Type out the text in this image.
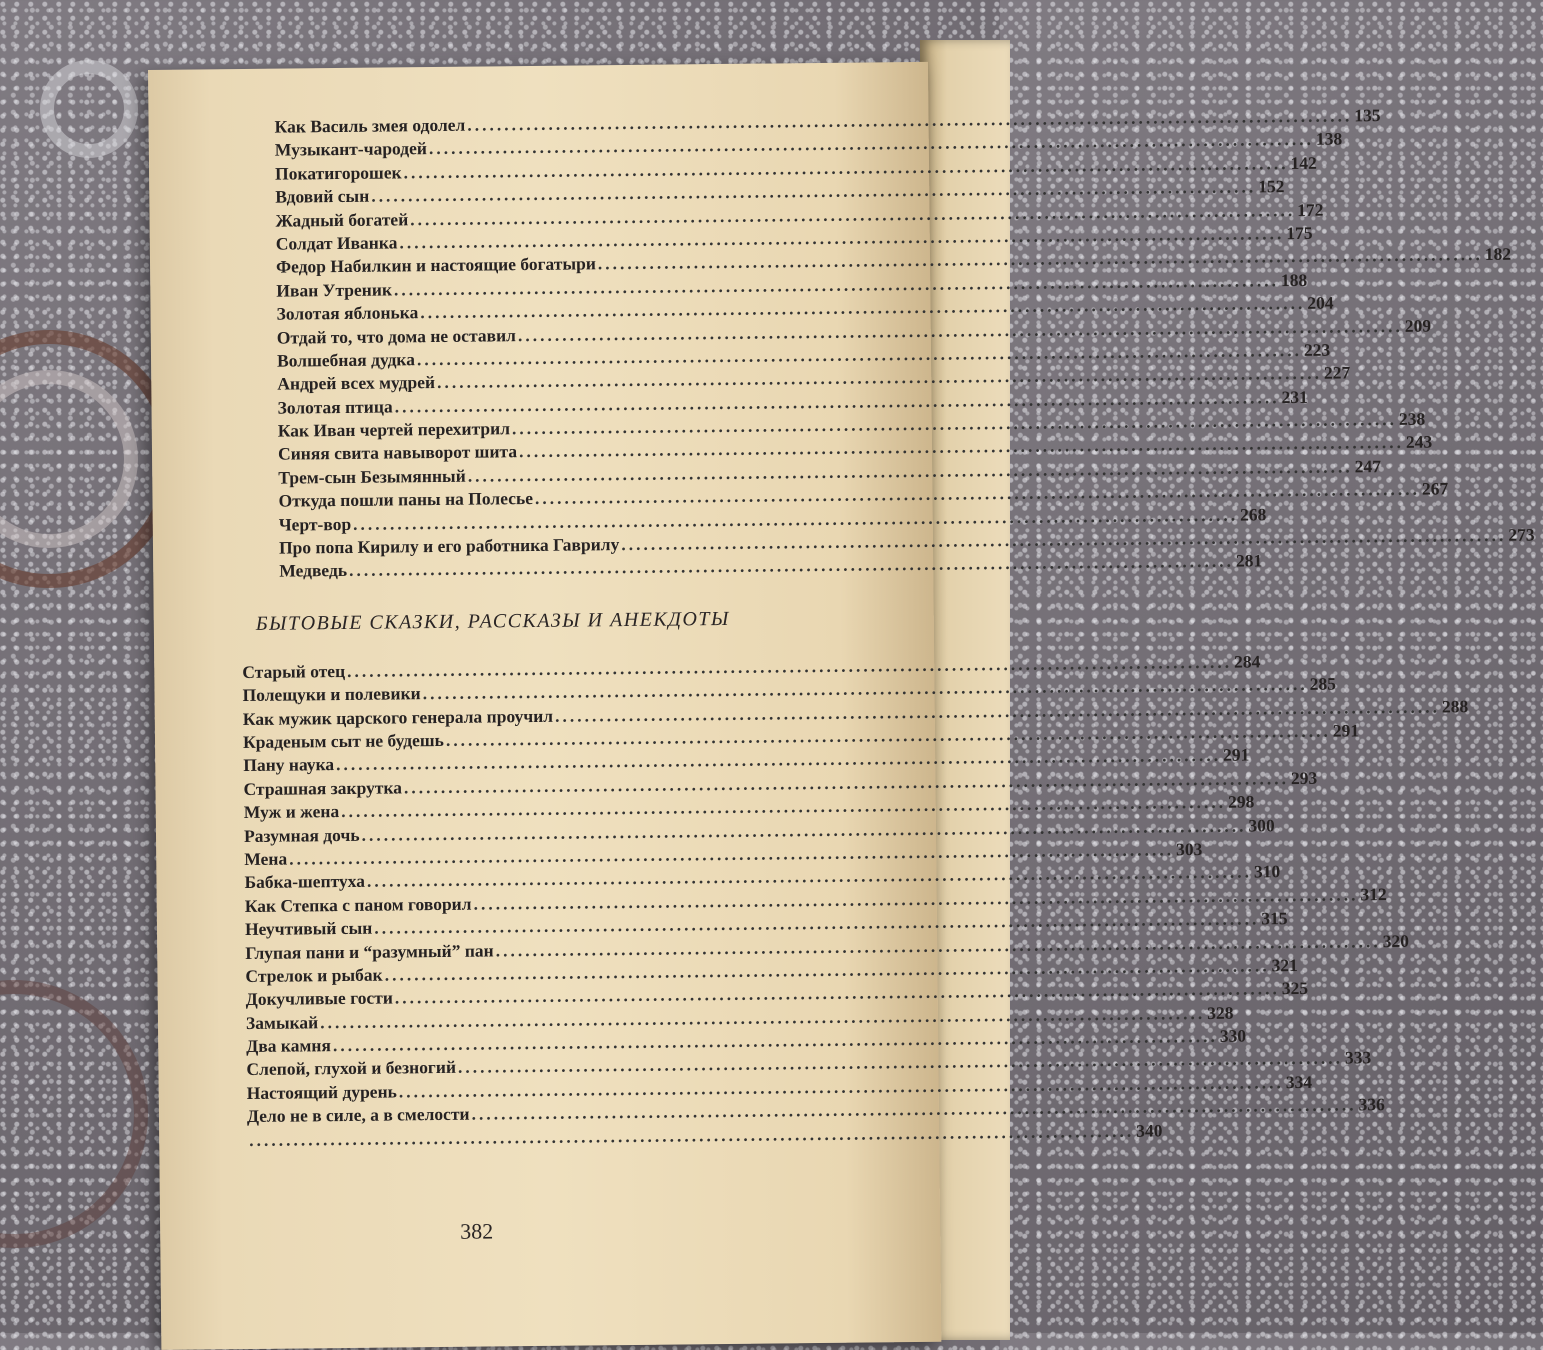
Как Василь змея одолел ........................................................................................................................ 135
Музыкант-чародей ........................................................................................................................ 138
Покатигорошек ........................................................................................................................ 142
Вдовий сын ........................................................................................................................ 152
Жадный богатей ........................................................................................................................ 172
Солдат Иванка ........................................................................................................................ 175
Федор Набилкин и настоящие богатыри ........................................................................................................................ 182
Иван Утреник ........................................................................................................................ 188
Золотая яблонька ........................................................................................................................ 204
Отдай то, что дома не оставил ........................................................................................................................ 209
Волшебная дудка ........................................................................................................................ 223
Андрей всех мудрей ........................................................................................................................ 227
Золотая птица ........................................................................................................................ 231
Как Иван чертей перехитрил ........................................................................................................................ 238
Синяя свита навыворот шита ........................................................................................................................ 243
Трем-сын Безымянный ........................................................................................................................ 247
Откуда пошли паны на Полесье ........................................................................................................................ 267
Черт-вор ........................................................................................................................ 268
Про попа Кирилу и его работника Гаврилу ........................................................................................................................ 273
Медведь ........................................................................................................................ 281
БЫТОВЫЕ СКАЗКИ, РАССКАЗЫ И АНЕКДОТЫ
Старый отец ........................................................................................................................ 284
Полещуки и полевики ........................................................................................................................ 285
Как мужик царского генерала проучил ........................................................................................................................ 288
Краденым сыт не будешь ........................................................................................................................ 291
Пану наука ........................................................................................................................ 291
Страшная закрутка ........................................................................................................................ 293
Муж и жена ........................................................................................................................ 298
Разумная дочь ........................................................................................................................ 300
Мена ........................................................................................................................ 303
Бабка-шептуха ........................................................................................................................ 310
Как Степка с паном говорил ........................................................................................................................ 312
Неучтивый сын ........................................................................................................................ 315
Глупая пани и “разумный” пан ........................................................................................................................ 320
Стрелок и рыбак ........................................................................................................................ 321
Докучливые гости ........................................................................................................................ 325
Замыкай ........................................................................................................................ 328
Два камня ........................................................................................................................ 330
Слепой, глухой и безногий ........................................................................................................................ 333
Настоящий дурень ........................................................................................................................ 334
Дело не в силе, а в смелости ........................................................................................................................ 336
........................................................................................................................ 340
382
